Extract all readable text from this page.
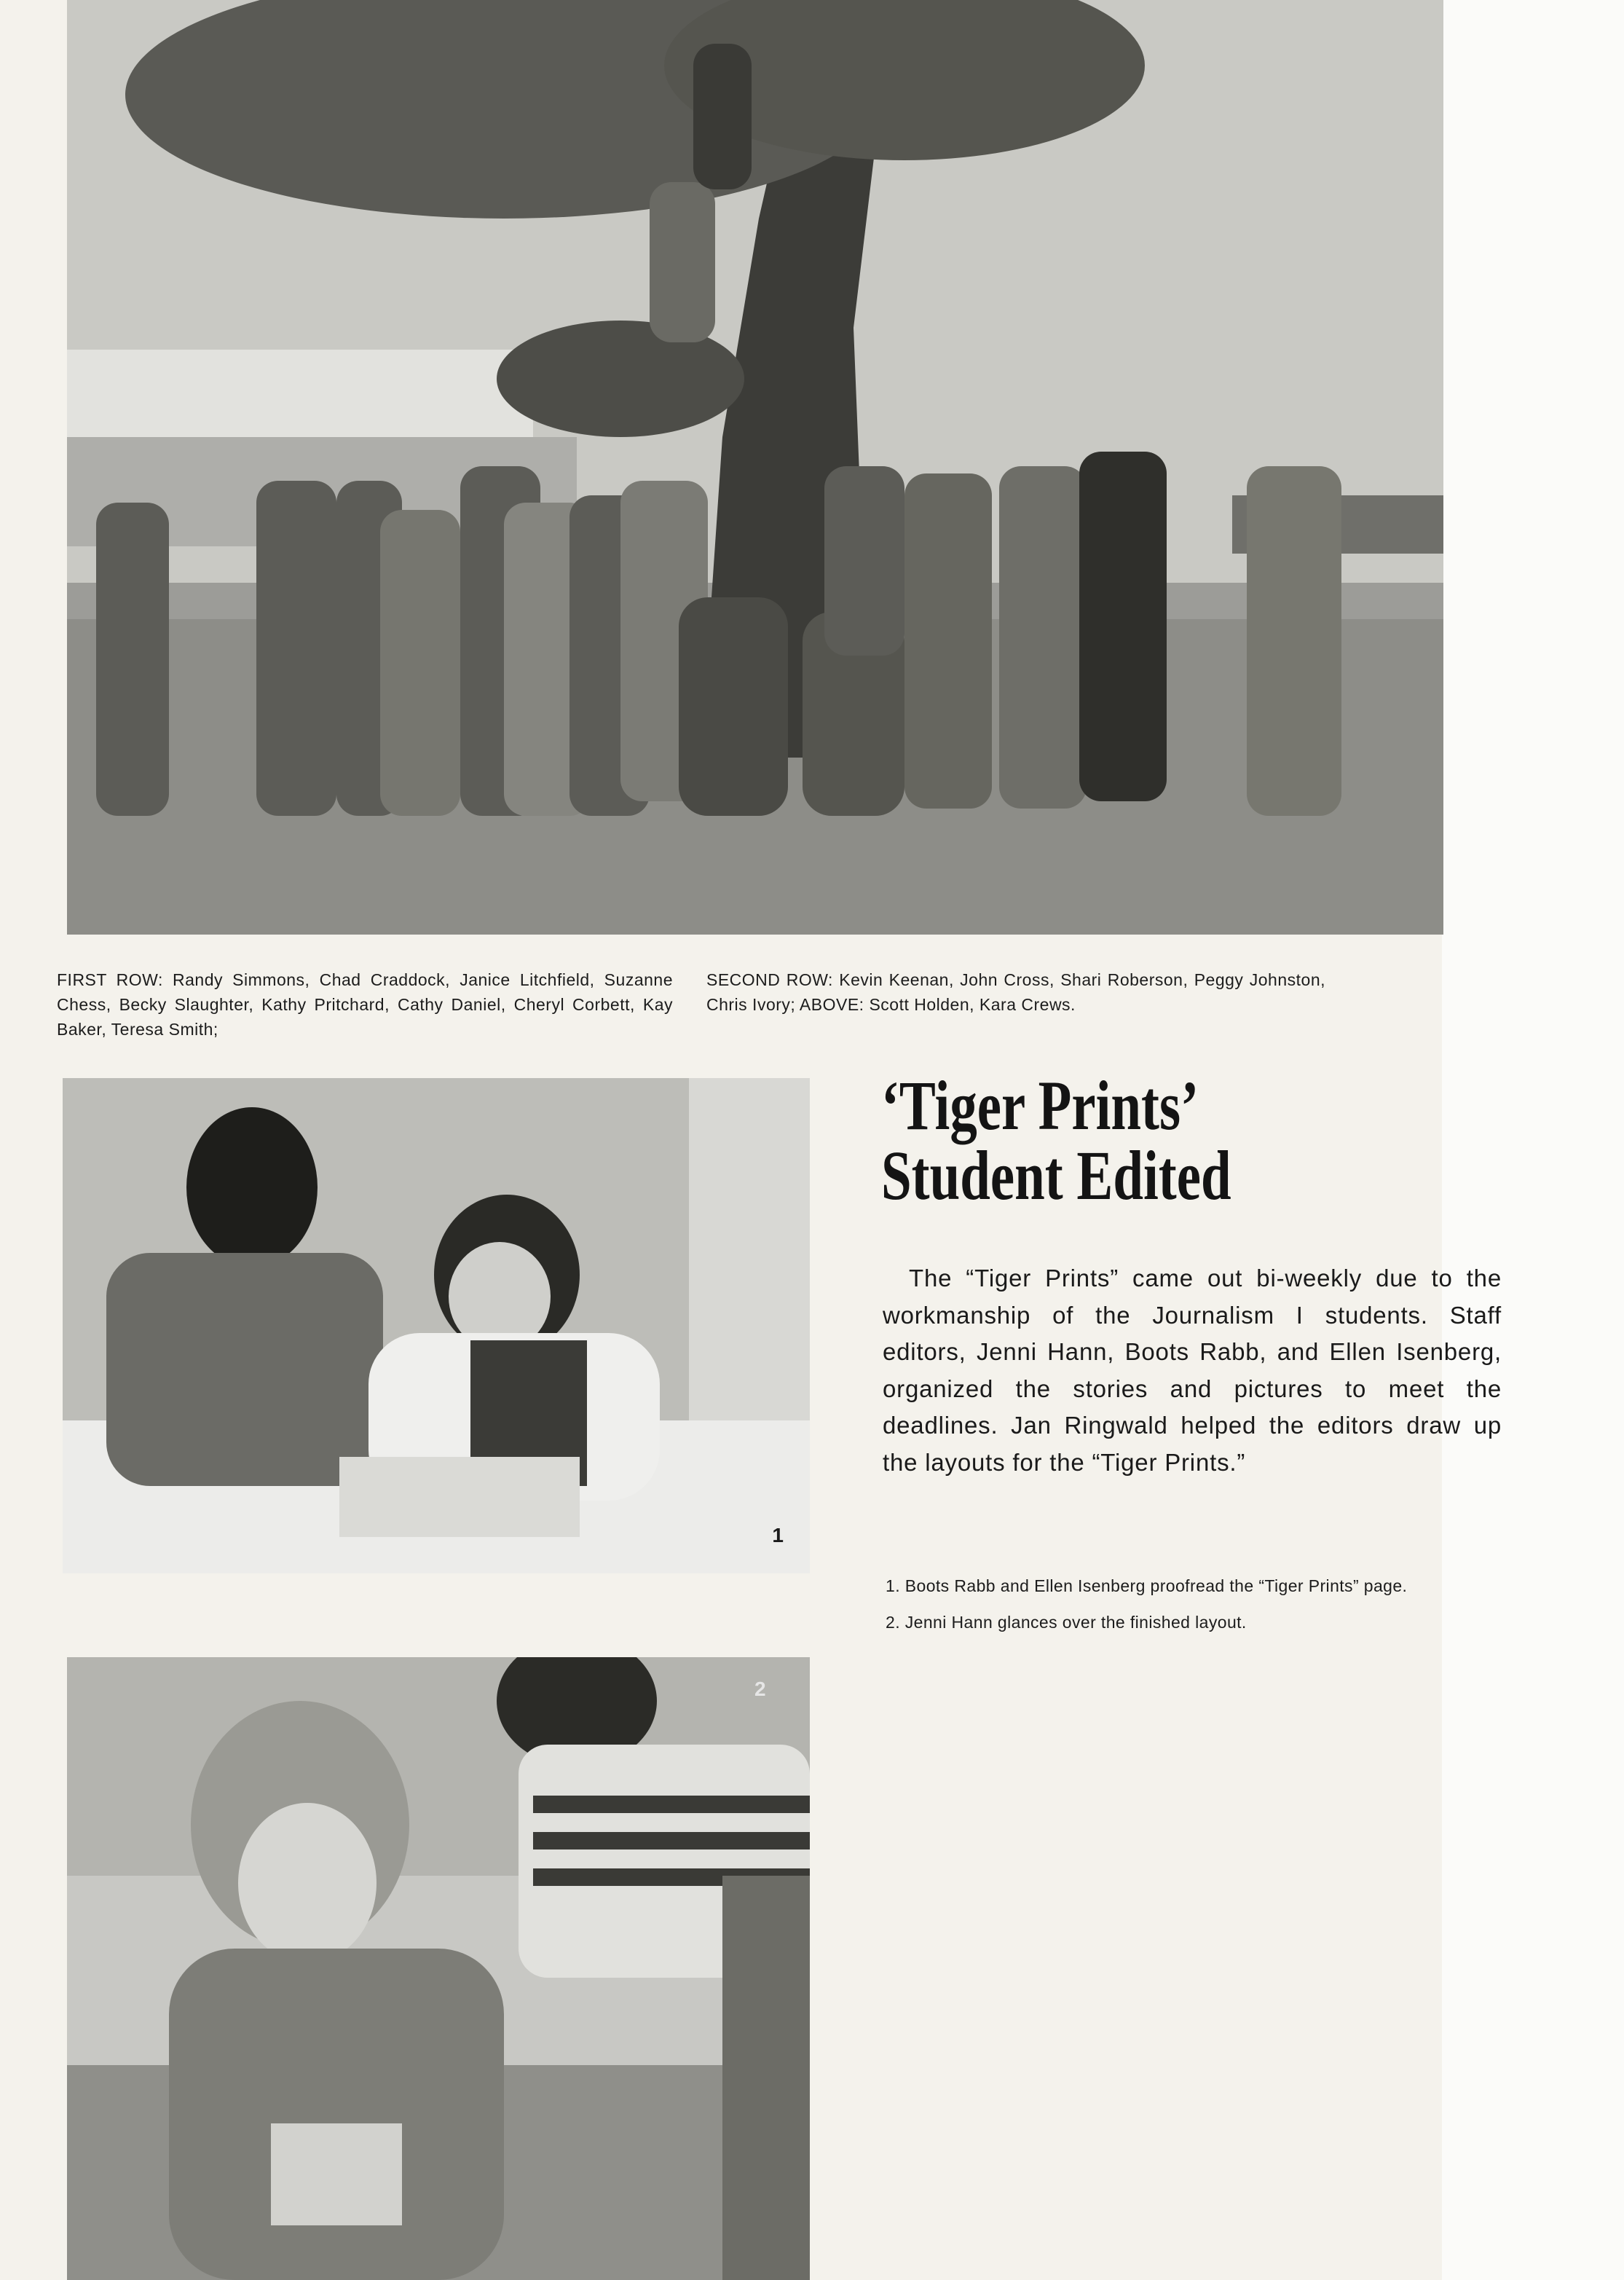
FIRST ROW: Randy Simmons, Chad Craddock, Janice Litchfield, Suzanne Chess, Becky Slaughter, Kathy Pritchard, Cathy Daniel, Cheryl Corbett, Kay Baker, Teresa Smith;
SECOND ROW: Kevin Keenan, John Cross, Shari Roberson, Peggy Johnston, Chris Ivory; ABOVE: Scott Holden, Kara Crews.
1
‘Tiger Prints’
Student Edited
The “Tiger Prints” came out bi-weekly due to the workmanship of the Journalism I students. Staff editors, Jenni Hann, Boots Rabb, and Ellen Isenberg, organized the stories and pictures to meet the deadlines. Jan Ringwald helped the editors draw up the layouts for the “Tiger Prints.”

1. Boots Rabb and Ellen Isenberg proofread the “Tiger Prints” page.

2. Jenni Hann glances over the finished layout.

2
